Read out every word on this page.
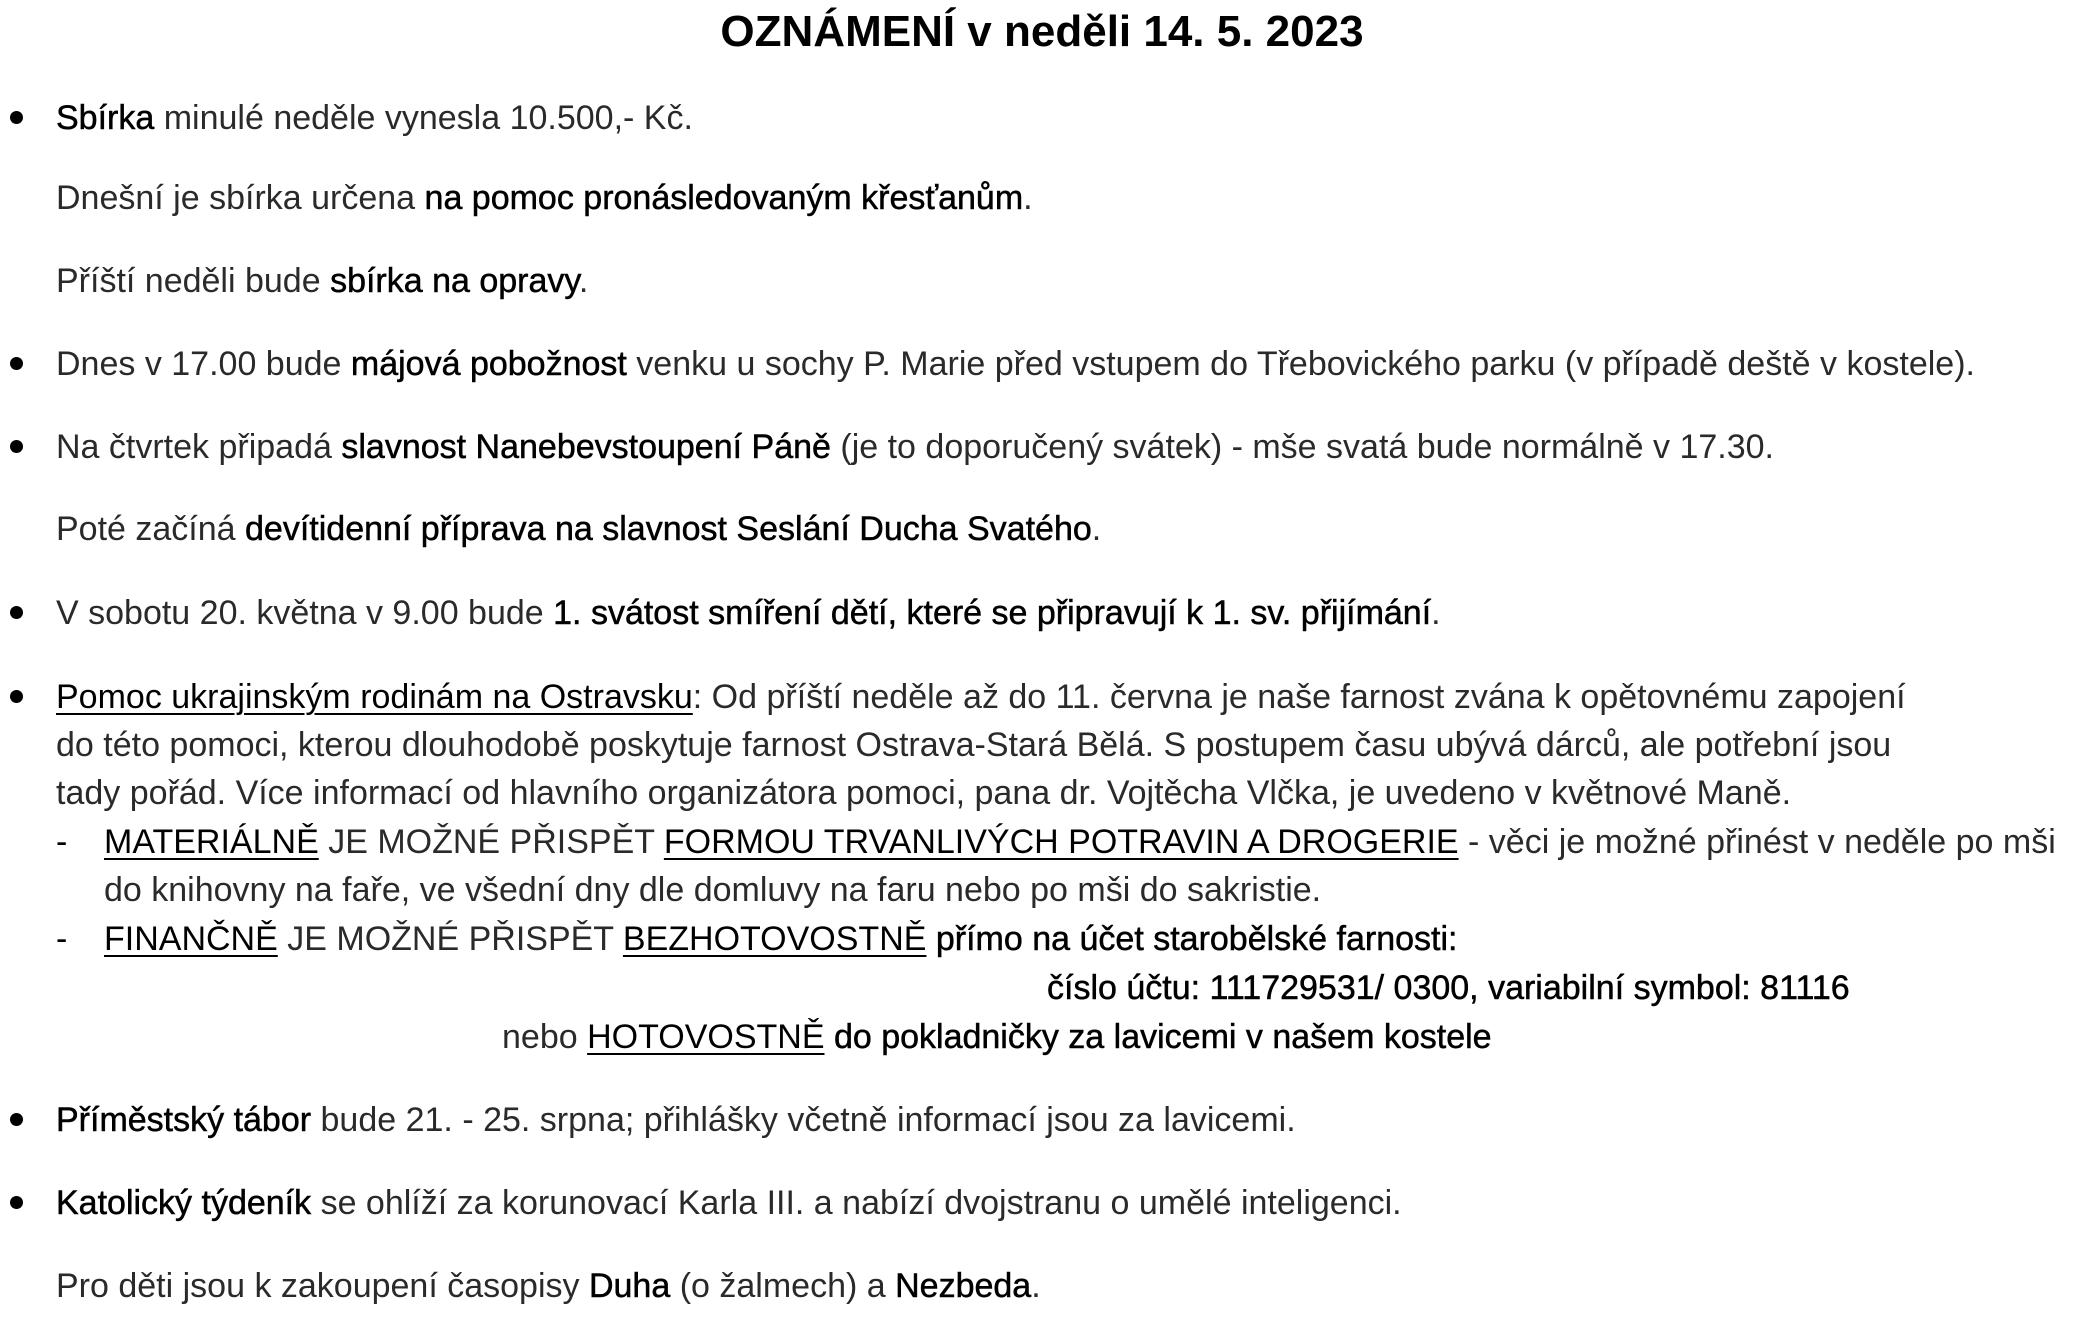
OZNÁMENÍ v neděli 14. 5. 2023
Sbírka minulé neděle vynesla 10.500,- Kč.
Dnešní je sbírka určena na pomoc pronásledovaným křesťanům.
Příští neděli bude sbírka na opravy.
Dnes v 17.00 bude májová pobožnost venku u sochy P. Marie před vstupem do Třebovického parku (v případě deště v kostele).
Na čtvrtek připadá slavnost Nanebevstoupení Páně (je to doporučený svátek) - mše svatá bude normálně v 17.30.
Poté začíná devítidenní příprava na slavnost Seslání Ducha Svatého.
V sobotu 20. května v 9.00 bude 1. svátost smíření dětí, které se připravují k 1. sv. přijímání.
Pomoc ukrajinským rodinám na Ostravsku: Od příští neděle až do 11. června je naše farnost zvána k opětovnému zapojení
do této pomoci, kterou dlouhodobě poskytuje farnost Ostrava-Stará Bělá. S postupem času ubývá dárců, ale potřební jsou
tady pořád. Více informací od hlavního organizátora pomoci, pana dr. Vojtěcha Vlčka, je uvedeno v květnové Maně.
- MATERIÁLNĚ JE MOŽNÉ PŘISPĚT FORMOU TRVANLIVÝCH POTRAVIN A DROGERIE - věci je možné přinést v neděle po mši
do knihovny na faře, ve všední dny dle domluvy na faru nebo po mši do sakristie.
- FINANČNĚ JE MOŽNÉ PŘISPĚT BEZHOTOVOSTNĚ přímo na účet starobělské farnosti:
číslo účtu: 111729531/ 0300, variabilní symbol: 81116
nebo HOTOVOSTNĚ do pokladničky za lavicemi v našem kostele
Příměstský tábor bude 21. - 25. srpna; přihlášky včetně informací jsou za lavicemi.
Katolický týdeník se ohlíží za korunovací Karla III. a nabízí dvojstranu o umělé inteligenci.
Pro děti jsou k zakoupení časopisy Duha (o žalmech) a Nezbeda.
